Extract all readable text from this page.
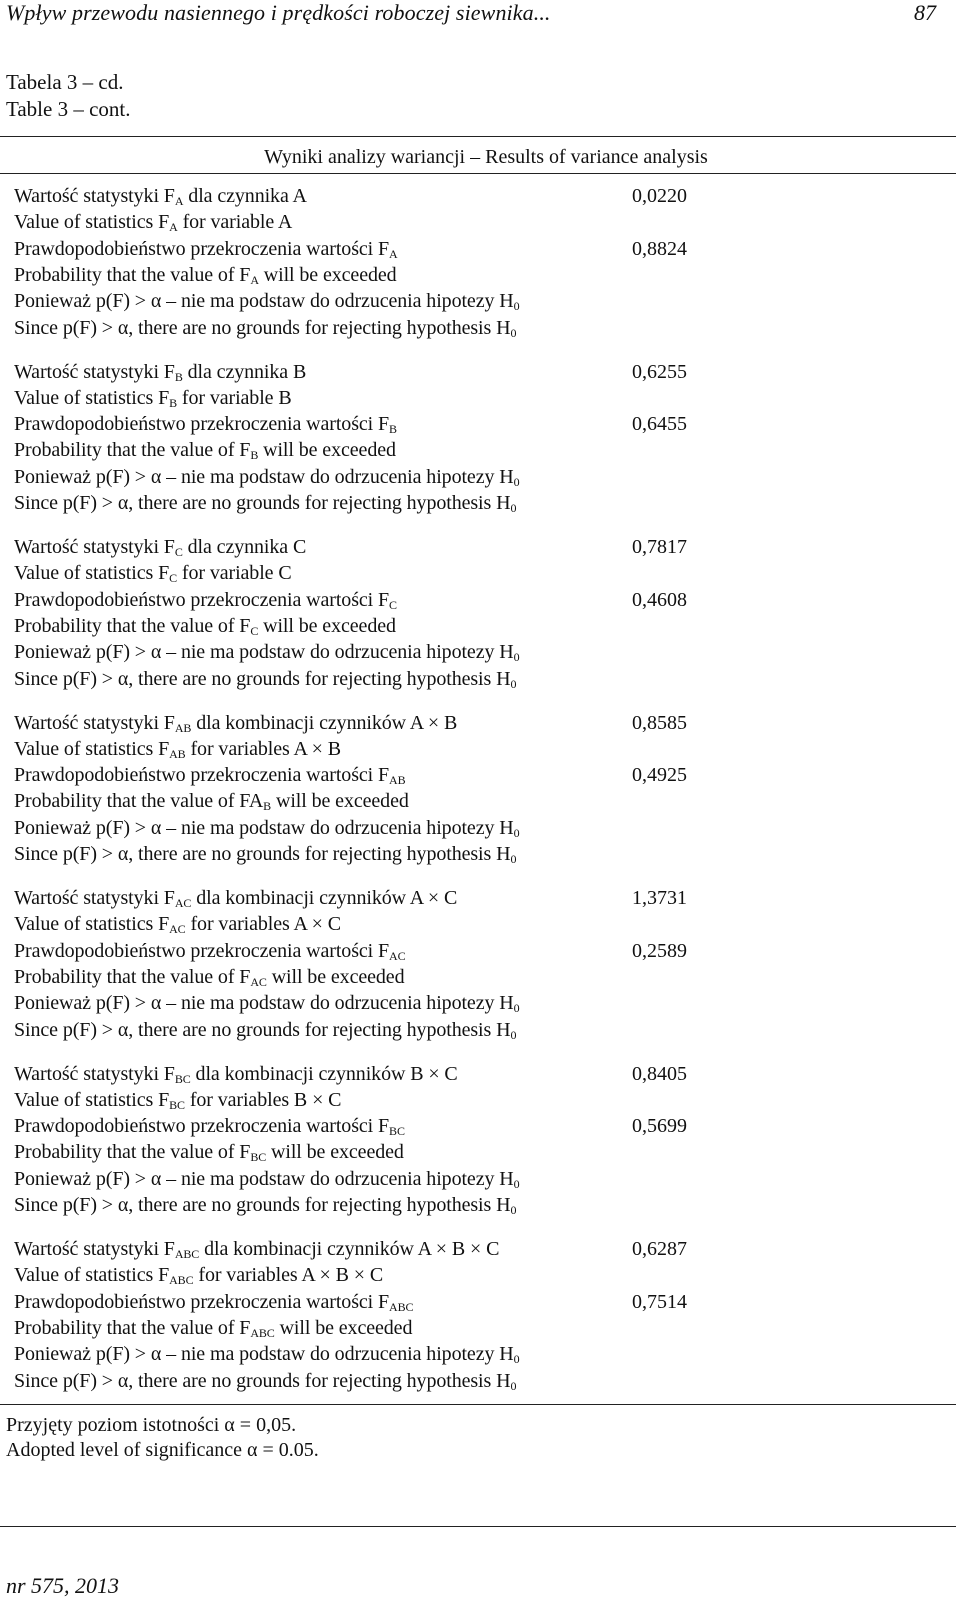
Wpływ przewodu nasiennego i prędkości roboczej siewnika...	87
Tabela 3 – cd.
Table 3 – cont.
Wyniki analizy wariancji – Results of variance analysis
Wartość statystyki $F_A$ dla czynnika A	0,0220
Value of statistics $F_A$ for variable A
Prawdopodobieństwo przekroczenia wartości $F_A$	0,8824
Probability that the value of $F_A$ will be exceeded
Ponieważ p(F) > α – nie ma podstaw do odrzucenia hipotezy $H_0$
Since p(F) > α, there are no grounds for rejecting hypothesis $H_0$
Wartość statystyki $F_B$ dla czynnika B	0,6255
Value of statistics $F_B$ for variable B
Prawdopodobieństwo przekroczenia wartości $F_B$	0,6455
Probability that the value of $F_B$ will be exceeded
Ponieważ p(F) > α – nie ma podstaw do odrzucenia hipotezy $H_0$
Since p(F) > α, there are no grounds for rejecting hypothesis $H_0$
Wartość statystyki $F_C$ dla czynnika C	0,7817
Value of statistics $F_C$ for variable C
Prawdopodobieństwo przekroczenia wartości $F_C$	0,4608
Probability that the value of $F_C$ will be exceeded
Ponieważ p(F) > α – nie ma podstaw do odrzucenia hipotezy $H_0$
Since p(F) > α, there are no grounds for rejecting hypothesis $H_0$
Wartość statystyki $F_{AB}$ dla kombinacji czynników A × B	0,8585
Value of statistics $F_{AB}$ for variables A × B
Prawdopodobieństwo przekroczenia wartości $F_{AB}$	0,4925
Probability that the value of $FA_B$ will be exceeded
Ponieważ p(F) > α – nie ma podstaw do odrzucenia hipotezy $H_0$
Since p(F) > α, there are no grounds for rejecting hypothesis $H_0$
Wartość statystyki $F_{AC}$ dla kombinacji czynników A × C	1,3731
Value of statistics $F_{AC}$ for variables A × C
Prawdopodobieństwo przekroczenia wartości $F_{AC}$	0,2589
Probability that the value of $F_{AC}$ will be exceeded
Ponieważ p(F) > α – nie ma podstaw do odrzucenia hipotezy $H_0$
Since p(F) > α, there are no grounds for rejecting hypothesis $H_0$
Wartość statystyki $F_{BC}$ dla kombinacji czynników B × C	0,8405
Value of statistics $F_{BC}$ for variables B × C
Prawdopodobieństwo przekroczenia wartości $F_{BC}$	0,5699
Probability that the value of $F_{BC}$ will be exceeded
Ponieważ p(F) > α – nie ma podstaw do odrzucenia hipotezy $H_0$
Since p(F) > α, there are no grounds for rejecting hypothesis $H_0$
Wartość statystyki $F_{ABC}$ dla kombinacji czynników A × B × C	0,6287
Value of statistics $F_{ABC}$ for variables A × B × C
Prawdopodobieństwo przekroczenia wartości $F_{ABC}$	0,7514
Probability that the value of $F_{ABC}$ will be exceeded
Ponieważ p(F) > α – nie ma podstaw do odrzucenia hipotezy $H_0$
Since p(F) > α, there are no grounds for rejecting hypothesis $H_0$
Przyjęty poziom istotności α = 0,05.
Adopted level of significance α = 0.05.
nr 575, 2013
